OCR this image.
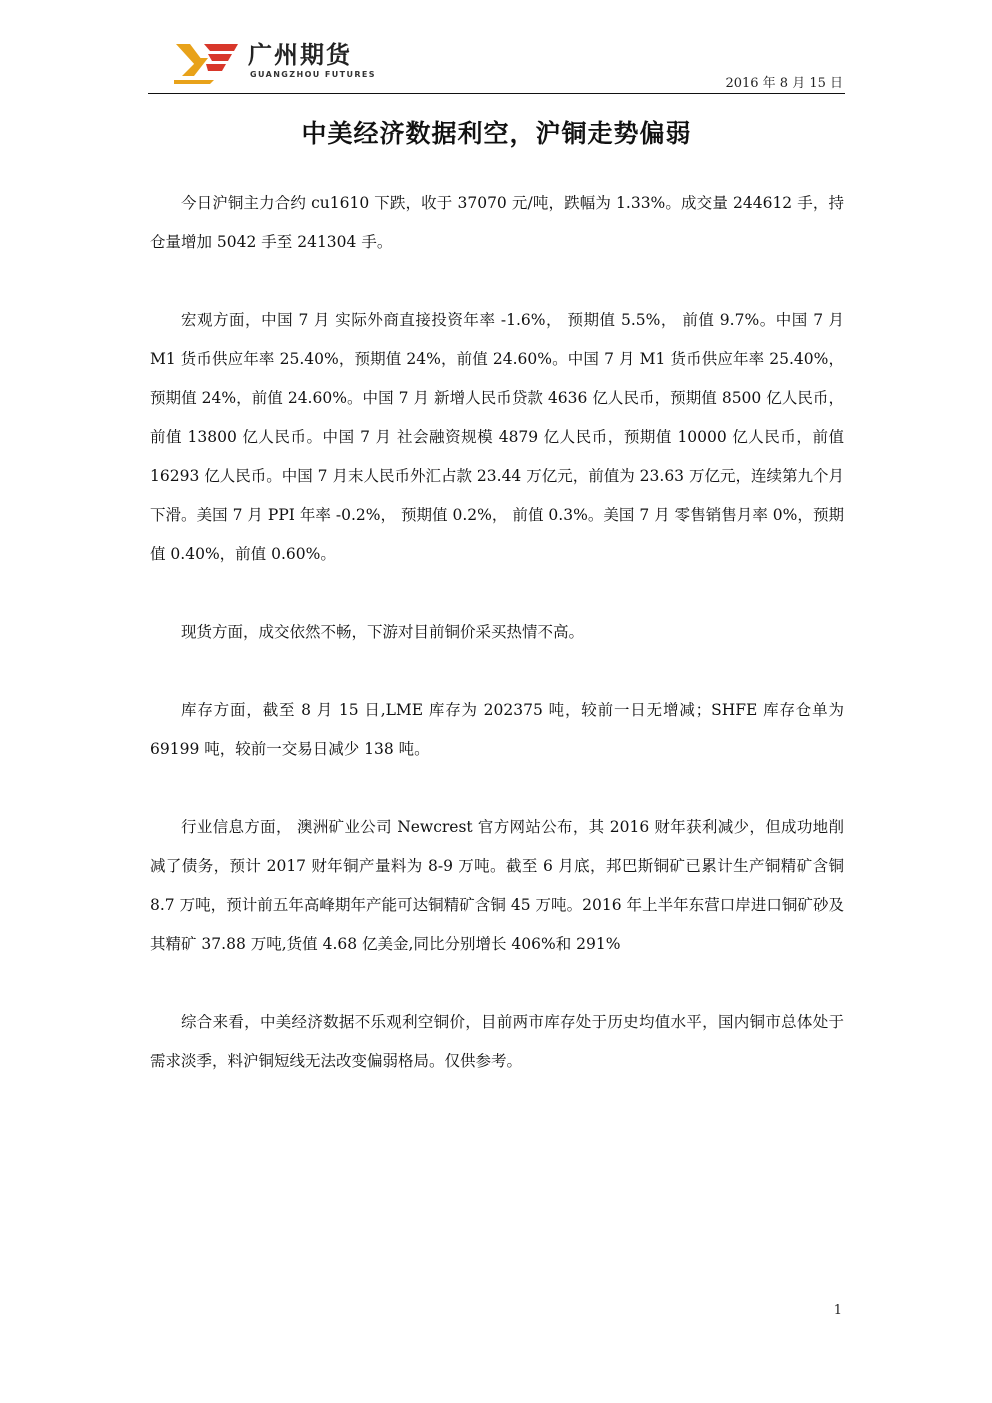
广州期货
GUANGZHOU FUTURES
2016 年 8 月 15 日
中美经济数据利空，沪铜走势偏弱

今日沪铜主力合约 cu1610 下跌，收于 37070 元/吨，跌幅为 1.33%。成交量 244612 手，持仓量增加 5042 手至 241304 手。

宏观方面，中国 7 月 实际外商直接投资年率 -1.6%， 预期值 5.5%， 前值 9.7%。中国 7 月 M1 货币供应年率 25.40%，预期值 24%，前值 24.60%。中国 7 月 M1 货币供应年率 25.40%，预期值 24%，前值 24.60%。中国 7 月 新增人民币贷款 4636 亿人民币，预期值 8500 亿人民币，前值 13800 亿人民币。中国 7 月 社会融资规模 4879 亿人民币，预期值 10000 亿人民币，前值 16293 亿人民币。中国 7 月末人民币外汇占款 23.44 万亿元，前值为 23.63 万亿元，连续第九个月下滑。美国 7 月 PPI 年率 -0.2%， 预期值 0.2%， 前值 0.3%。美国 7 月 零售销售月率 0%，预期值 0.40%，前值 0.60%。

现货方面，成交依然不畅，下游对目前铜价采买热情不高。

库存方面，截至 8 月 15 日,LME 库存为 202375 吨，较前一日无增减；SHFE 库存仓单为 69199 吨，较前一交易日减少 138 吨。

行业信息方面， 澳洲矿业公司 Newcrest 官方网站公布，其 2016 财年获利减少，但成功地削减了债务，预计 2017 财年铜产量料为 8-9 万吨。截至 6 月底，邦巴斯铜矿已累计生产铜精矿含铜 8.7 万吨，预计前五年高峰期年产能可达铜精矿含铜 45 万吨。2016 年上半年东营口岸进口铜矿砂及其精矿 37.88 万吨,货值 4.68 亿美金,同比分别增长 406%和 291%

综合来看，中美经济数据不乐观利空铜价，目前两市库存处于历史均值水平，国内铜市总体处于需求淡季，料沪铜短线无法改变偏弱格局。仅供参考。

1
